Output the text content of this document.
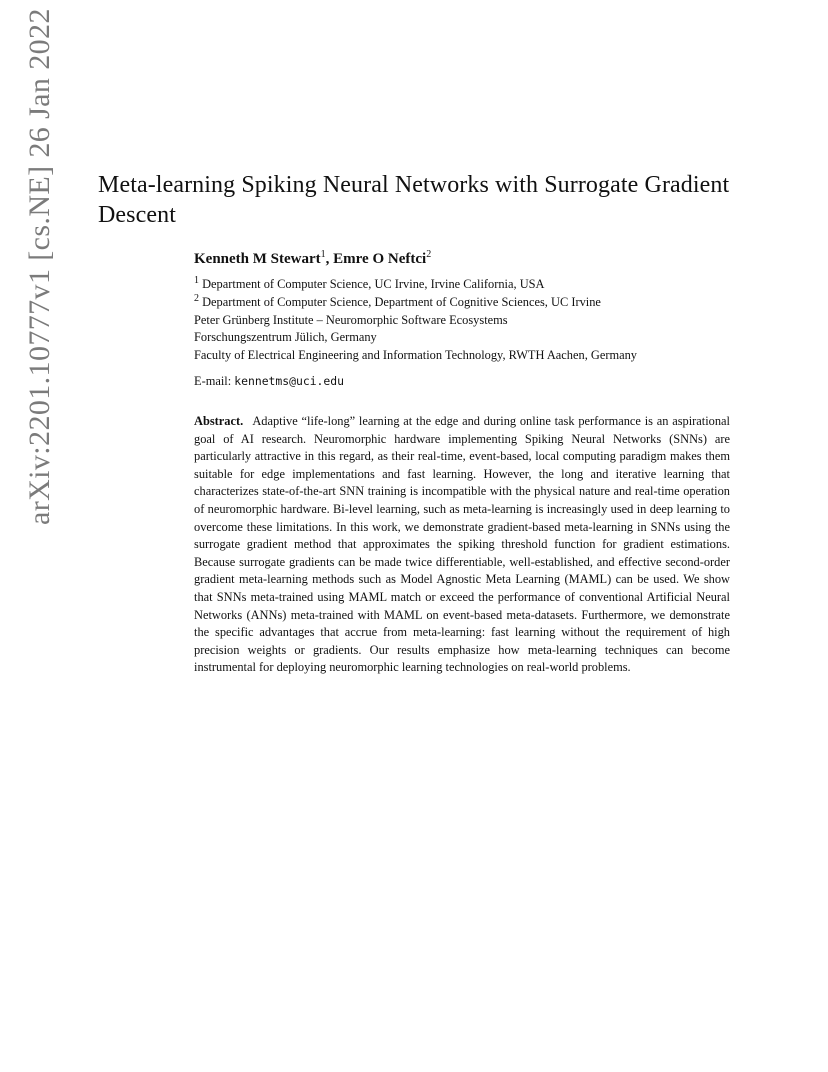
arXiv:2201.10777v1 [cs.NE] 26 Jan 2022 Meta-learning Spiking Neural Networks with Surrogate Gradient Descent
Kenneth M Stewart$^1$, Emre O Neftci$^2$
$^1$ Department of Computer Science, UC Irvine, Irvine California, USA
$^2$ Department of Computer Science, Department of Cognitive Sciences, UC Irvine
Peter Grünberg Institute – Neuromorphic Software Ecosystems
Forschungszentrum Jülich, Germany
Faculty of Electrical Engineering and Information Technology, RWTH Aachen, Germany
E-mail: kennetms@uci.edu
Abstract. Adaptive “life-long” learning at the edge and during online task performance is an aspirational goal of AI research. Neuromorphic hardware implementing Spiking Neural Networks (SNNs) are particularly attractive in this regard, as their real-time, event-based, local computing paradigm makes them suitable for edge implementations and fast learning. However, the long and iterative learning that characterizes state-of-the-art SNN training is incompatible with the physical nature and real-time operation of neuromorphic hardware. Bi-level learning, such as meta-learning is increasingly used in deep learning to overcome these limitations. In this work, we demonstrate gradient-based meta-learning in SNNs using the surrogate gradient method that approximates the spiking threshold function for gradient estimations. Because surrogate gradients can be made twice differentiable, well-established, and effective second-order gradient meta-learning methods such as Model Agnostic Meta Learning (MAML) can be used. We show that SNNs meta-trained using MAML match or exceed the performance of conventional Artificial Neural Networks (ANNs) meta-trained with MAML on event-based meta-datasets. Furthermore, we demonstrate the specific advantages that accrue from meta-learning: fast learning without the requirement of high precision weights or gradients. Our results emphasize how meta-learning techniques can become instrumental for deploying neuromorphic learning technologies on real-world problems.
